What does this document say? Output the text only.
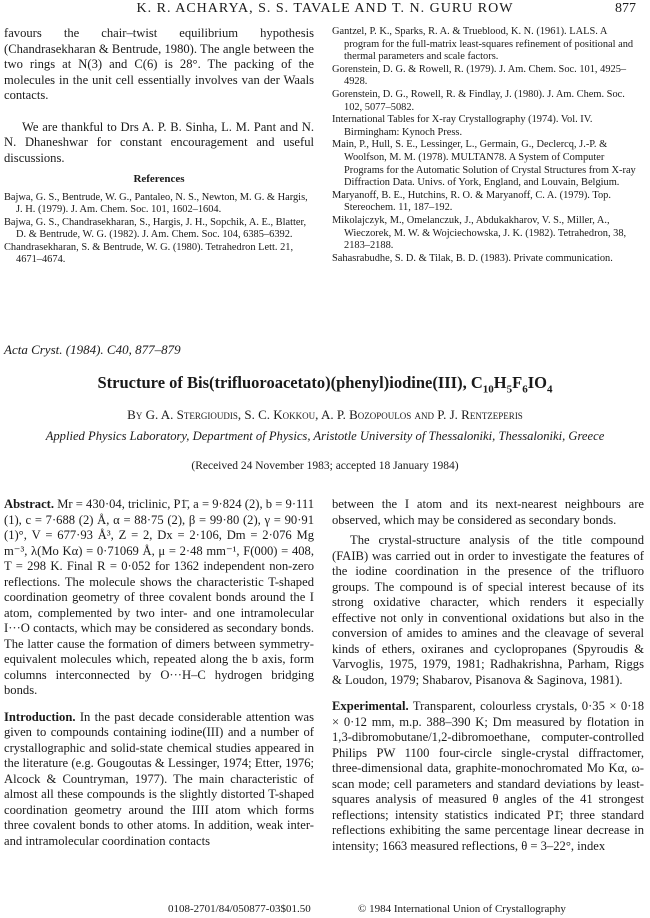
K. R. ACHARYA, S. S. TAVALE AND T. N. GURU ROW	877

favours the chair–twist equilibrium hypothesis (Chandrasekharan & Bentrude, 1980). The angle between the two rings at N(3) and C(6) is 28°. The packing of the molecules in the unit cell essentially involves van der Waals contacts.

We are thankful to Drs A. P. B. Sinha, L. M. Pant and N. N. Dhaneshwar for constant encouragement and useful discussions.

References

Bajwa, G. S., Bentrude, W. G., Pantaleo, N. S., Newton, M. G. & Hargis, J. H. (1979). J. Am. Chem. Soc. 101, 1602–1604.

Bajwa, G. S., Chandrasekharan, S., Hargis, J. H., Sopchik, A. E., Blatter, D. & Bentrude, W. G. (1982). J. Am. Chem. Soc. 104, 6385–6392.

Chandrasekharan, S. & Bentrude, W. G. (1980). Tetrahedron Lett. 21, 4671–4674.

Gantzel, P. K., Sparks, R. A. & Trueblood, K. N. (1961). LALS. A program for the full-matrix least-squares refinement of positional and thermal parameters and scale factors.

Gorenstein, D. G. & Rowell, R. (1979). J. Am. Chem. Soc. 101, 4925–4928.

Gorenstein, D. G., Rowell, R. & Findlay, J. (1980). J. Am. Chem. Soc. 102, 5077–5082.

International Tables for X-ray Crystallography (1974). Vol. IV. Birmingham: Kynoch Press.

Main, P., Hull, S. E., Lessinger, L., Germain, G., Declercq, J.-P. & Woolfson, M. M. (1978). MULTAN78. A System of Computer Programs for the Automatic Solution of Crystal Structures from X-ray Diffraction Data. Univs. of York, England, and Louvain, Belgium.

Maryanoff, B. E., Hutchins, R. O. & Maryanoff, C. A. (1979). Top. Stereochem. 11, 187–192.

Mikolajczyk, M., Omelanczuk, J., Abdukakharov, V. S., Miller, A., Wieczorek, M. W. & Wojciechowska, J. K. (1982). Tetrahedron, 38, 2183–2188.

Sahasrabudhe, S. D. & Tilak, B. D. (1983). Private communication.

Acta Cryst. (1984). C40, 877–879
Structure of Bis(trifluoroacetato)(phenyl)iodine(III), $C_{10}H_5F_6IO_4$
By G. A. Stergioudis, S. C. Kokkou, A. P. Bozopoulos and P. J. Rentzeperis
Applied Physics Laboratory, Department of Physics, Aristotle University of Thessaloniki, Thessaloniki, Greece
(Received 24 November 1983; accepted 18 January 1984)

Abstract. Mr = 430·04, triclinic, P1̄, a = 9·824 (2), b = 9·111 (1), c = 7·688 (2) Å, α = 88·75 (2), β = 99·80 (2), γ = 90·91 (1)°, V = 677·93 Å³, Z = 2, Dx = 2·106, Dm = 2·076 Mg m⁻³, λ(Mo Kα) = 0·71069 Å, μ = 2·48 mm⁻¹, F(000) = 408, T = 298 K. Final R = 0·052 for 1362 independent non-zero reflections. The molecule shows the characteristic T-shaped coordination geometry of three covalent bonds around the I atom, complemented by two inter- and one intramolecular I···O contacts, which may be considered as secondary bonds. The latter cause the formation of dimers between symmetry-equivalent molecules which, repeated along the b axis, form columns interconnected by O···H–C hydrogen bridging bonds.

Introduction. In the past decade considerable attention was given to compounds containing iodine(III) and a number of crystallographic and solid-state chemical studies appeared in the literature (e.g. Gougoutas & Lessinger, 1974; Etter, 1976; Alcock & Countryman, 1977). The main characteristic of almost all these compounds is the slightly distorted T-shaped coordination geometry around the IIII atom which forms three covalent bonds to other atoms. In addition, weak inter- and intramolecular coordination contacts

between the I atom and its next-nearest neighbours are observed, which may be considered as secondary bonds.

The crystal-structure analysis of the title compound (FAIB) was carried out in order to investigate the features of the iodine coordination in the presence of the trifluoro groups. The compound is of special interest because of its strong oxidative character, which renders it especially effective not only in conventional oxidations but also in the conversion of amides to amines and the cleavage of several kinds of ethers, oxiranes and cyclopropanes (Spyroudis & Varvoglis, 1975, 1979, 1981; Radhakrishna, Parham, Riggs & Loudon, 1979; Shabarov, Pisanova & Saginova, 1981).

Experimental. Transparent, colourless crystals, 0·35 × 0·18 × 0·12 mm, m.p. 388–390 K; Dm measured by flotation in 1,3-dibromobutane/1,2-dibromoethane, computer-controlled Philips PW 1100 four-circle single-crystal diffractomer, three-dimensional data, graphite-monochromated Mo Kα, ω-scan mode; cell parameters and standard deviations by least-squares analysis of measured θ angles of the 41 strongest reflections; intensity statistics indicated P1̄; three standard reflections exhibiting the same percentage linear decrease in intensity; 1663 measured reflections, θ = 3–22°, index

0108-2701/84/050877-03$01.50	© 1984 International Union of Crystallography
